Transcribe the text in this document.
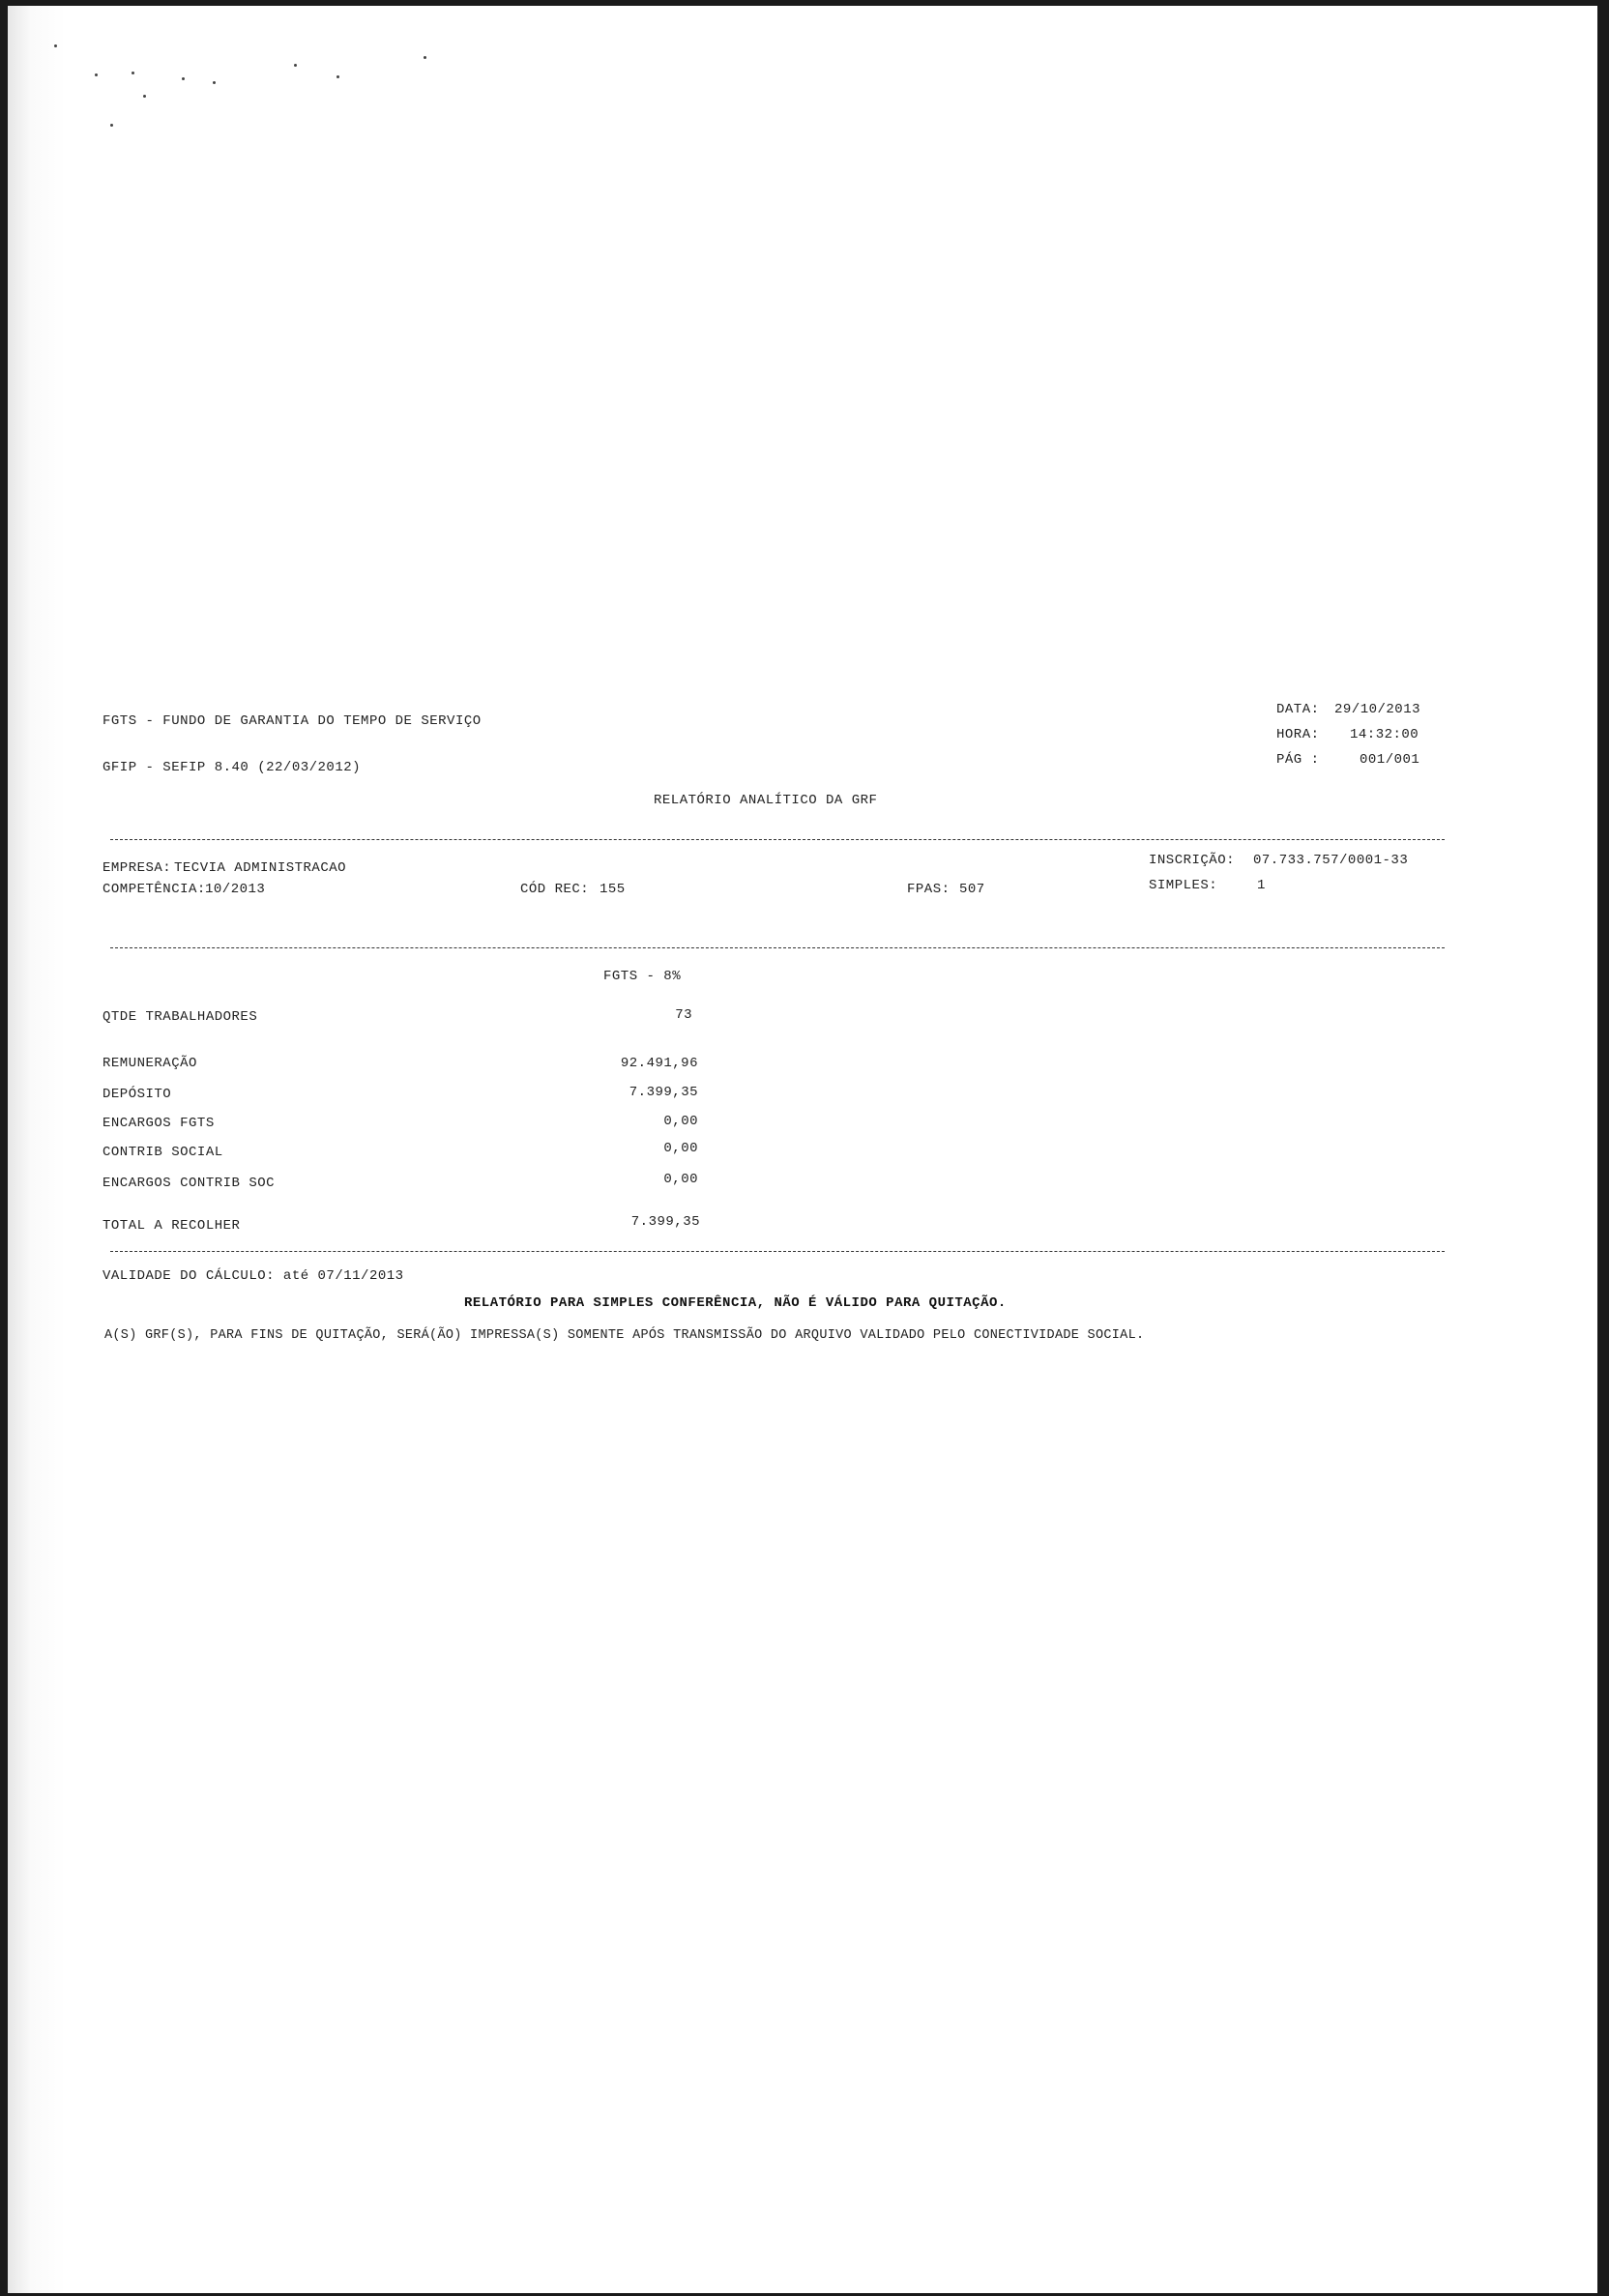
FGTS - FUNDO DE GARANTIA DO TEMPO DE SERVIÇO
GFIP - SEFIP 8.40 (22/03/2012)
DATA: 29/10/2013
HORA: 14:32:00
PÁG :	001/001
RELATÓRIO ANALÍTICO DA GRF
EMPRESA: TECVIA ADMINISTRACAO
COMPETÊNCIA: 10/2013	CÓD REC: 155	FPAS: 507
INSCRIÇÃO: 07.733.757/0001-33
SIMPLES:	1
FGTS - 8%
QTDE TRABALHADORES	73
REMUNERAÇÃO	92.491,96
DEPÓSITO	7.399,35
ENCARGOS FGTS	0,00
CONTRIB SOCIAL	0,00
ENCARGOS CONTRIB SOC	0,00
TOTAL A RECOLHER	7.399,35
VALIDADE DO CÁLCULO: até 07/11/2013
RELATÓRIO PARA SIMPLES CONFERÊNCIA, NÃO É VÁLIDO PARA QUITAÇÃO.
A(S) GRF(S), PARA FINS DE QUITAÇÃO, SERÁ(ÃO) IMPRESSA(S) SOMENTE APÓS TRANSMISSÃO DO ARQUIVO VALIDADO PELO CONECTIVIDADE SOCIAL.
